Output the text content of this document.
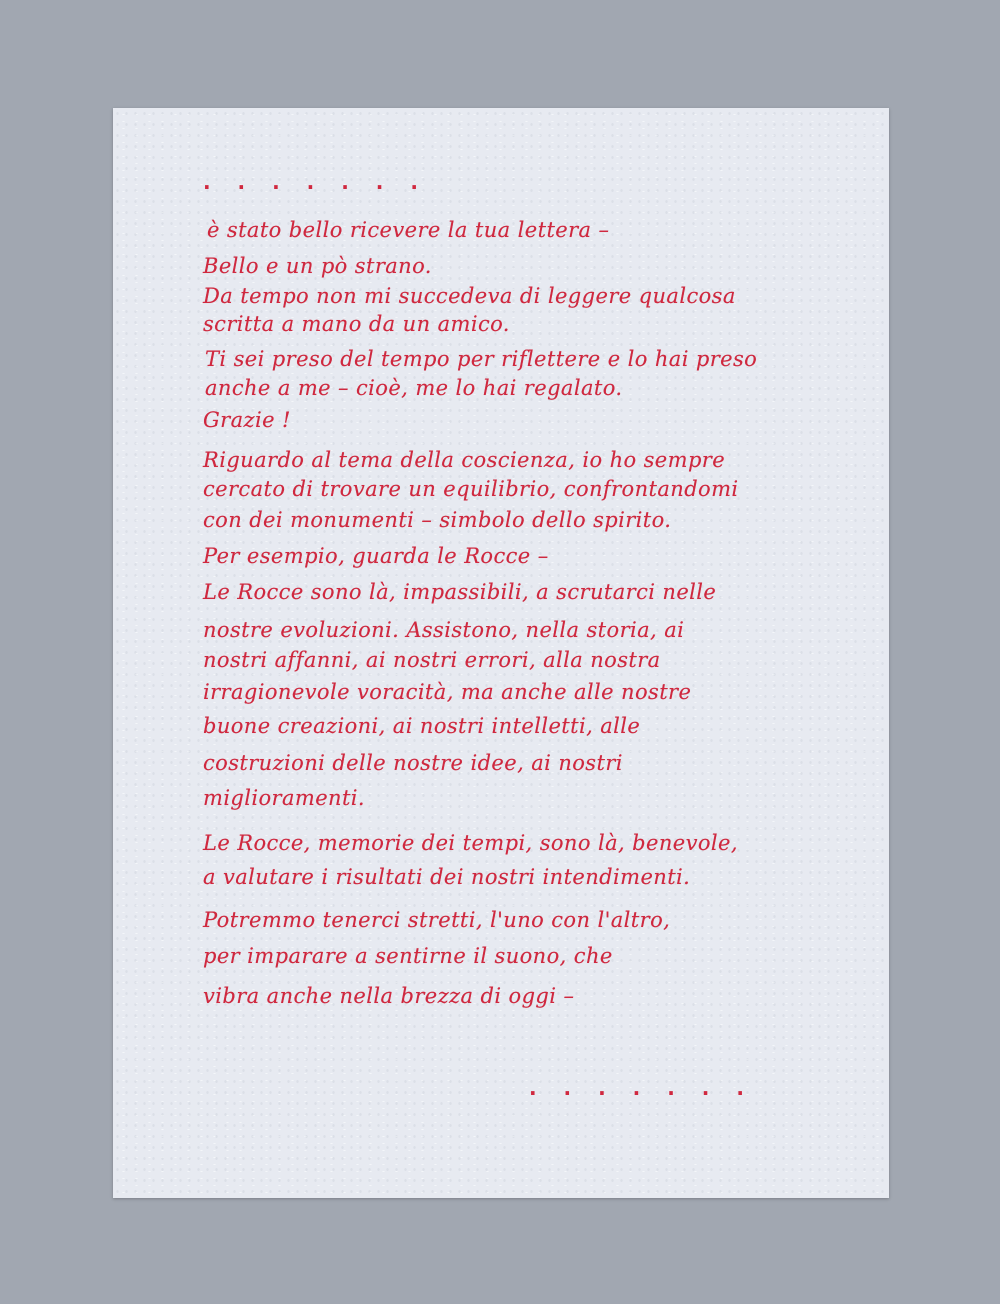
. . . . . . .
è stato bello ricevere la tua lettera –
Bello e un pò strano.
Da tempo non mi succedeva di leggere qualcosa
scritta a mano da un amico.
Ti sei preso del tempo per riflettere e lo hai preso
anche a me – cioè, me lo hai regalato.
Grazie !
Riguardo al tema della coscienza, io ho sempre
cercato di trovare un equilibrio, confrontandomi
con dei monumenti – simbolo dello spirito.
Per esempio, guarda le Rocce –
Le Rocce sono là, impassibili, a scrutarci nelle
nostre evoluzioni. Assistono, nella storia, ai
nostri affanni, ai nostri errori, alla nostra
irragionevole voracità, ma anche alle nostre
buone creazioni, ai nostri intelletti, alle
costruzioni delle nostre idee, ai nostri
miglioramenti.
Le Rocce, memorie dei tempi, sono là, benevole,
a valutare i risultati dei nostri intendimenti.
Potremmo tenerci stretti, l'uno con l'altro,
per imparare a sentirne il suono, che
vibra anche nella brezza di oggi –
. . . . . . .
